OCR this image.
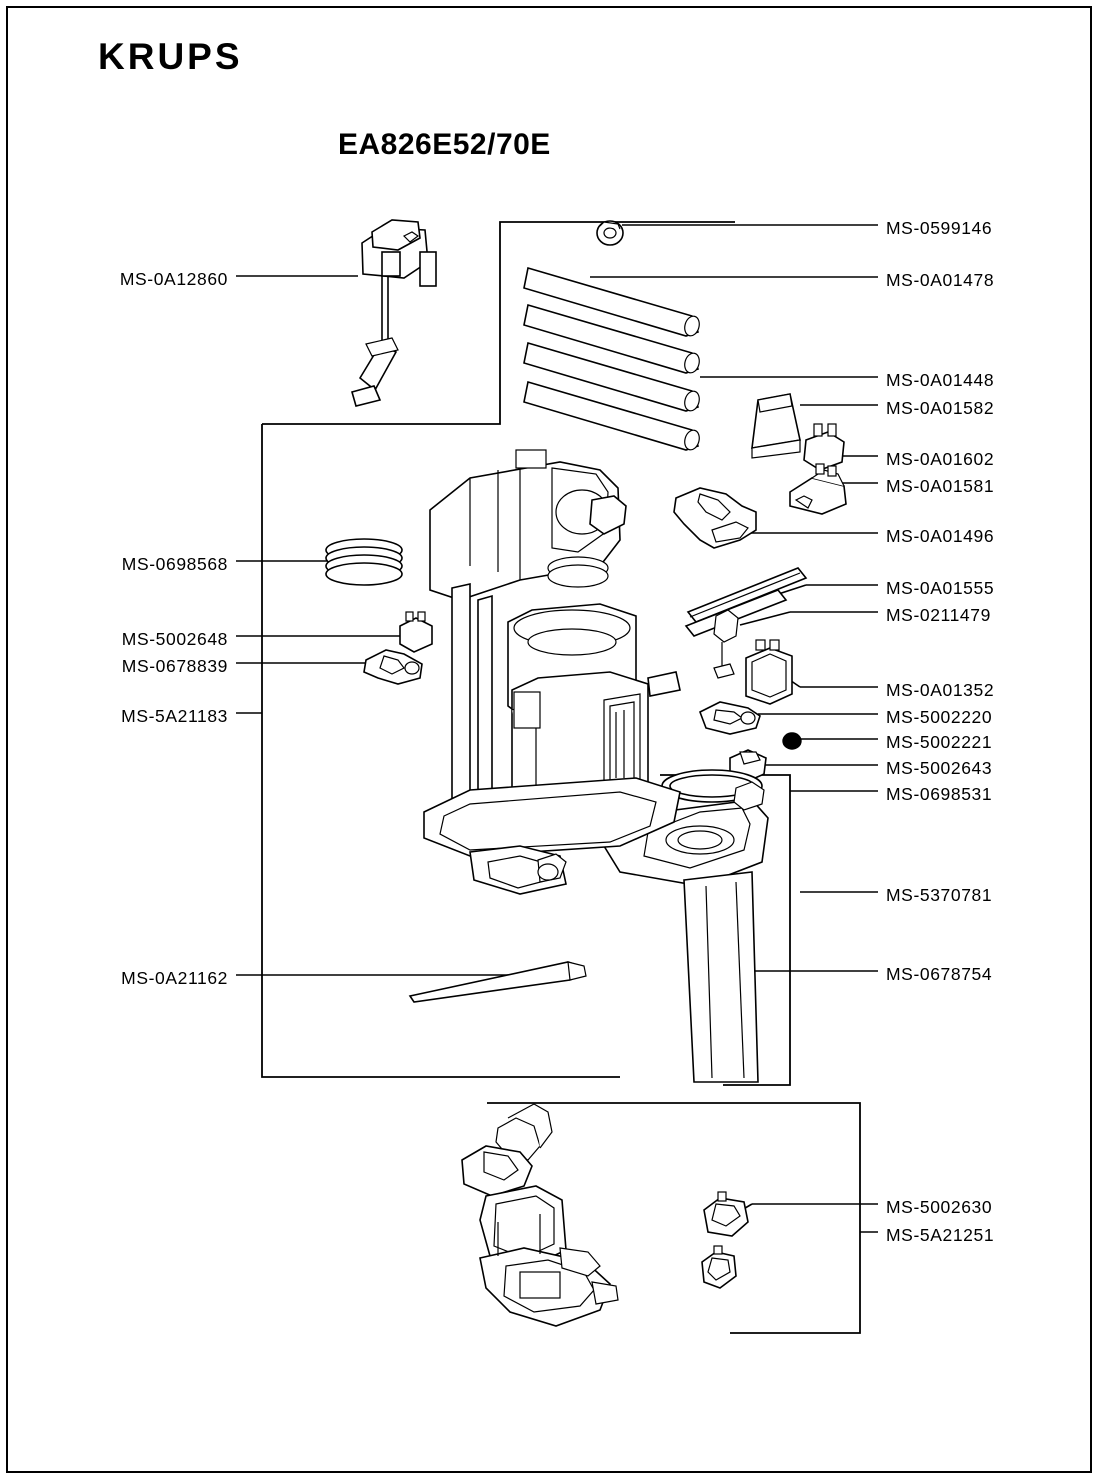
KRUPS
EA826E52/70E
MS-0A12860
MS-0698568
MS-5002648
MS-0678839
MS-5A21183
MS-0A21162
MS-0599146
MS-0A01478
MS-0A01448
MS-0A01582
MS-0A01602
MS-0A01581
MS-0A01496
MS-0A01555
MS-0211479
MS-0A01352
MS-5002220
MS-5002221
MS-5002643
MS-0698531
MS-5370781
MS-0678754
MS-5002630
MS-5A21251
